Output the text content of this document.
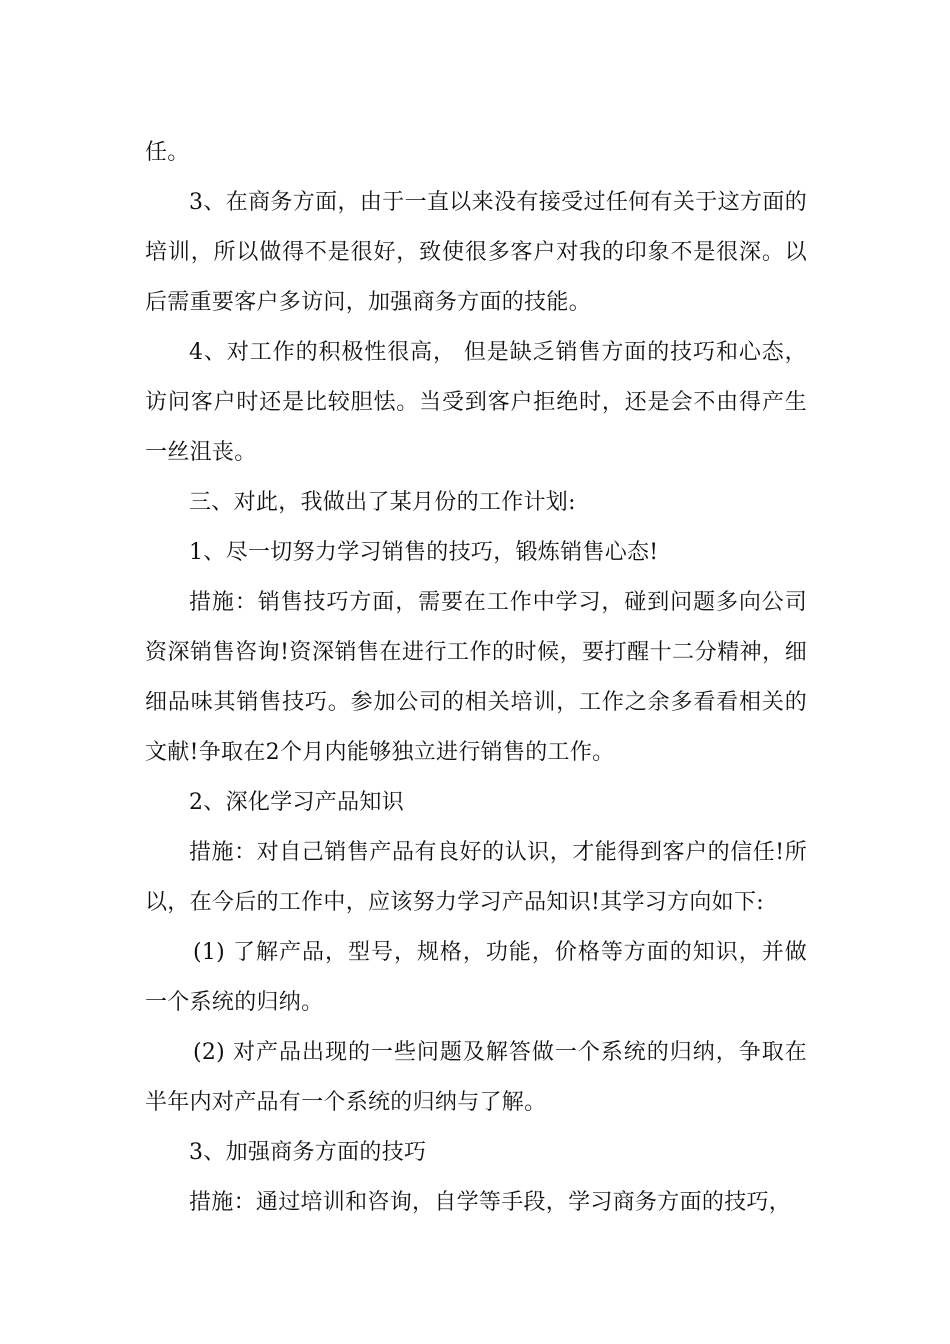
任。

3、在商务方面，由于一直以来没有接受过任何有关于这方面的培训，所以做得不是很好，致使很多客户对我的印象不是很深。以后需重要客户多访问，加强商务方面的技能。

4、对工作的积极性很高， 但是缺乏销售方面的技巧和心态，访问客户时还是比较胆怯。当受到客户拒绝时，还是会不由得产生一丝沮丧。

三、对此，我做出了某月份的工作计划:

1、尽一切努力学习销售的技巧，锻炼销售心态!

措施：销售技巧方面，需要在工作中学习，碰到问题多向公司资深销售咨询!资深销售在进行工作的时候，要打醒十二分精神，细细品味其销售技巧。参加公司的相关培训，工作之余多看看相关的文献!争取在2个月内能够独立进行销售的工作。

2、深化学习产品知识

措施：对自己销售产品有良好的认识，才能得到客户的信任!所以，在今后的工作中，应该努力学习产品知识!其学习方向如下:

(1) 了解产品，型号，规格，功能，价格等方面的知识，并做一个系统的归纳。

(2) 对产品出现的一些问题及解答做一个系统的归纳，争取在半年内对产品有一个系统的归纳与了解。

3、加强商务方面的技巧

措施：通过培训和咨询，自学等手段，学习商务方面的技巧，
